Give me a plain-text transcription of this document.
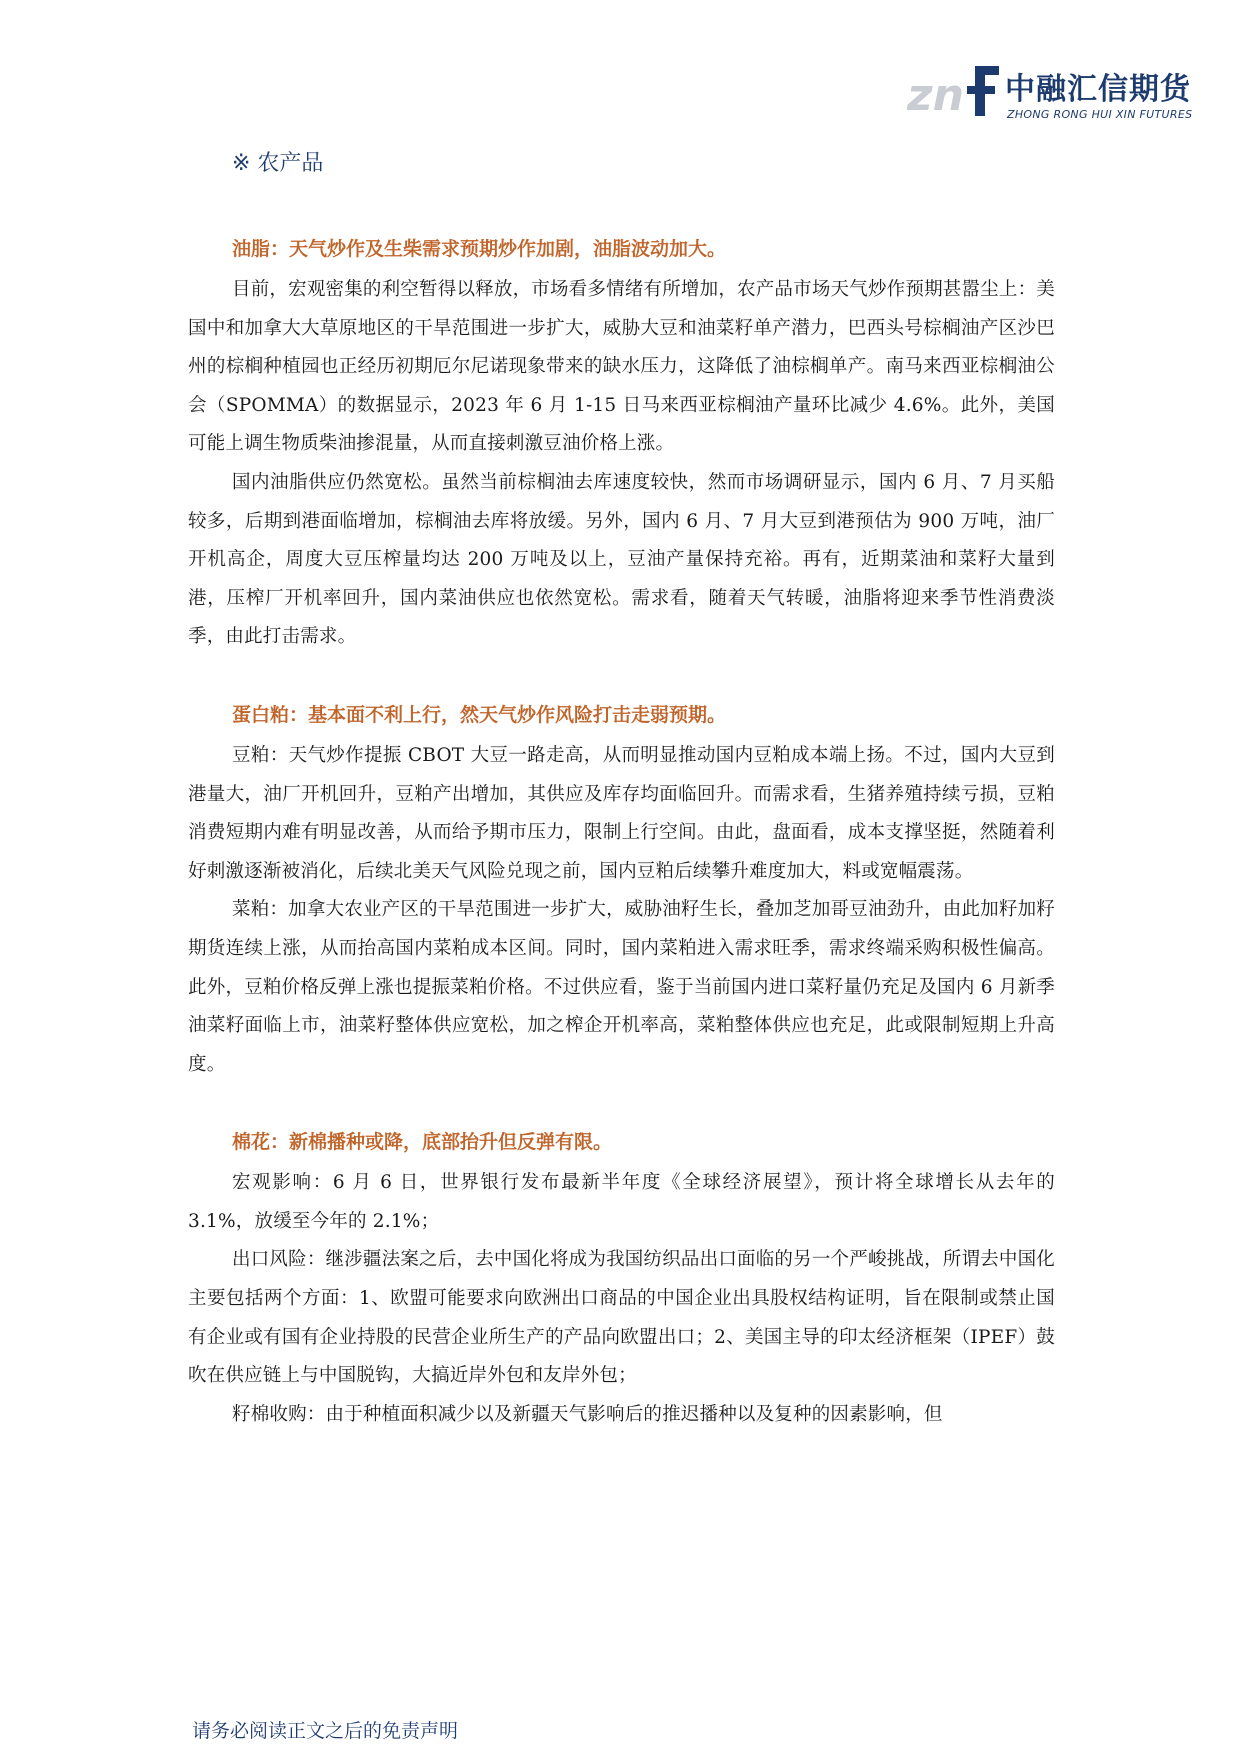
zn 中融汇信期货
ZHONG RONG HUI XIN FUTURES
※ 农产品
油脂：天气炒作及生柴需求预期炒作加剧，油脂波动加大。

目前，宏观密集的利空暂得以释放，市场看多情绪有所增加，农产品市场天气炒作预期甚嚣尘上：美国中和加拿大大草原地区的干旱范围进一步扩大，威胁大豆和油菜籽单产潜力，巴西头号棕榈油产区沙巴州的棕榈种植园也正经历初期厄尔尼诺现象带来的缺水压力，这降低了油棕榈单产。南马来西亚棕榈油公会（SPOMMA）的数据显示，2023 年 6 月 1-15 日马来西亚棕榈油产量环比减少 4.6%。此外，美国可能上调生物质柴油掺混量，从而直接刺激豆油价格上涨。

国内油脂供应仍然宽松。虽然当前棕榈油去库速度较快，然而市场调研显示，国内 6 月、7 月买船较多，后期到港面临增加，棕榈油去库将放缓。另外，国内 6 月、7 月大豆到港预估为 900 万吨，油厂开机高企，周度大豆压榨量均达 200 万吨及以上，豆油产量保持充裕。再有，近期菜油和菜籽大量到港，压榨厂开机率回升，国内菜油供应也依然宽松。需求看，随着天气转暖，油脂将迎来季节性消费淡季，由此打击需求。

蛋白粕：基本面不利上行，然天气炒作风险打击走弱预期。

豆粕：天气炒作提振 CBOT 大豆一路走高，从而明显推动国内豆粕成本端上扬。不过，国内大豆到港量大，油厂开机回升，豆粕产出增加，其供应及库存均面临回升。而需求看，生猪养殖持续亏损，豆粕消费短期内难有明显改善，从而给予期市压力，限制上行空间。由此，盘面看，成本支撑坚挺，然随着利好刺激逐渐被消化，后续北美天气风险兑现之前，国内豆粕后续攀升难度加大，料或宽幅震荡。

菜粕：加拿大农业产区的干旱范围进一步扩大，威胁油籽生长，叠加芝加哥豆油劲升，由此加籽加籽期货连续上涨，从而抬高国内菜粕成本区间。同时，国内菜粕进入需求旺季，需求终端采购积极性偏高。此外，豆粕价格反弹上涨也提振菜粕价格。不过供应看，鉴于当前国内进口菜籽量仍充足及国内 6 月新季油菜籽面临上市，油菜籽整体供应宽松，加之榨企开机率高，菜粕整体供应也充足，此或限制短期上升高度。

棉花：新棉播种或降，底部抬升但反弹有限。

宏观影响：6 月 6 日，世界银行发布最新半年度《全球经济展望》，预计将全球增长从去年的 3.1%，放缓至今年的 2.1%；

出口风险：继涉疆法案之后，去中国化将成为我国纺织品出口面临的另一个严峻挑战，所谓去中国化主要包括两个方面：1、欧盟可能要求向欧洲出口商品的中国企业出具股权结构证明，旨在限制或禁止国有企业或有国有企业持股的民营企业所生产的产品向欧盟出口；2、美国主导的印太经济框架（IPEF）鼓吹在供应链上与中国脱钩，大搞近岸外包和友岸外包；

籽棉收购：由于种植面积减少以及新疆天气影响后的推迟播种以及复种的因素影响，但

请务必阅读正文之后的免责声明
